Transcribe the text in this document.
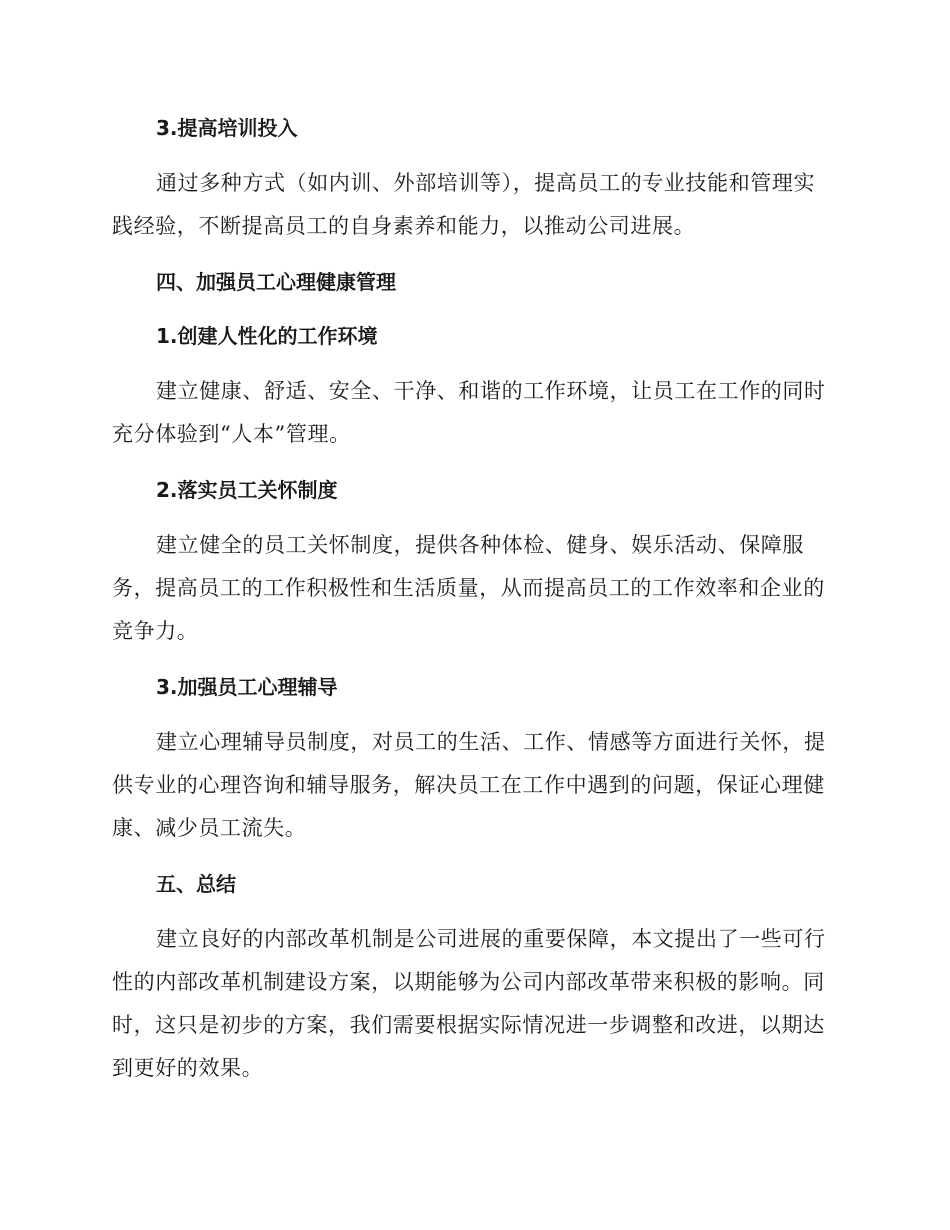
3.提高培训投入
通过多种方式（如内训、外部培训等），提高员工的专业技能和管理实
践经验，不断提高员工的自身素养和能力，以推动公司进展。
四、加强员工心理健康管理
1.创建人性化的工作环境
建立健康、舒适、安全、干净、和谐的工作环境，让员工在工作的同时
充分体验到“人本”管理。
2.落实员工关怀制度
建立健全的员工关怀制度，提供各种体检、健身、娱乐活动、保障服
务，提高员工的工作积极性和生活质量，从而提高员工的工作效率和企业的
竞争力。
3.加强员工心理辅导
建立心理辅导员制度，对员工的生活、工作、情感等方面进行关怀，提
供专业的心理咨询和辅导服务，解决员工在工作中遇到的问题，保证心理健
康、减少员工流失。
五、总结
建立良好的内部改革机制是公司进展的重要保障，本文提出了一些可行
性的内部改革机制建设方案，以期能够为公司内部改革带来积极的影响。同
时，这只是初步的方案，我们需要根据实际情况进一步调整和改进，以期达
到更好的效果。
